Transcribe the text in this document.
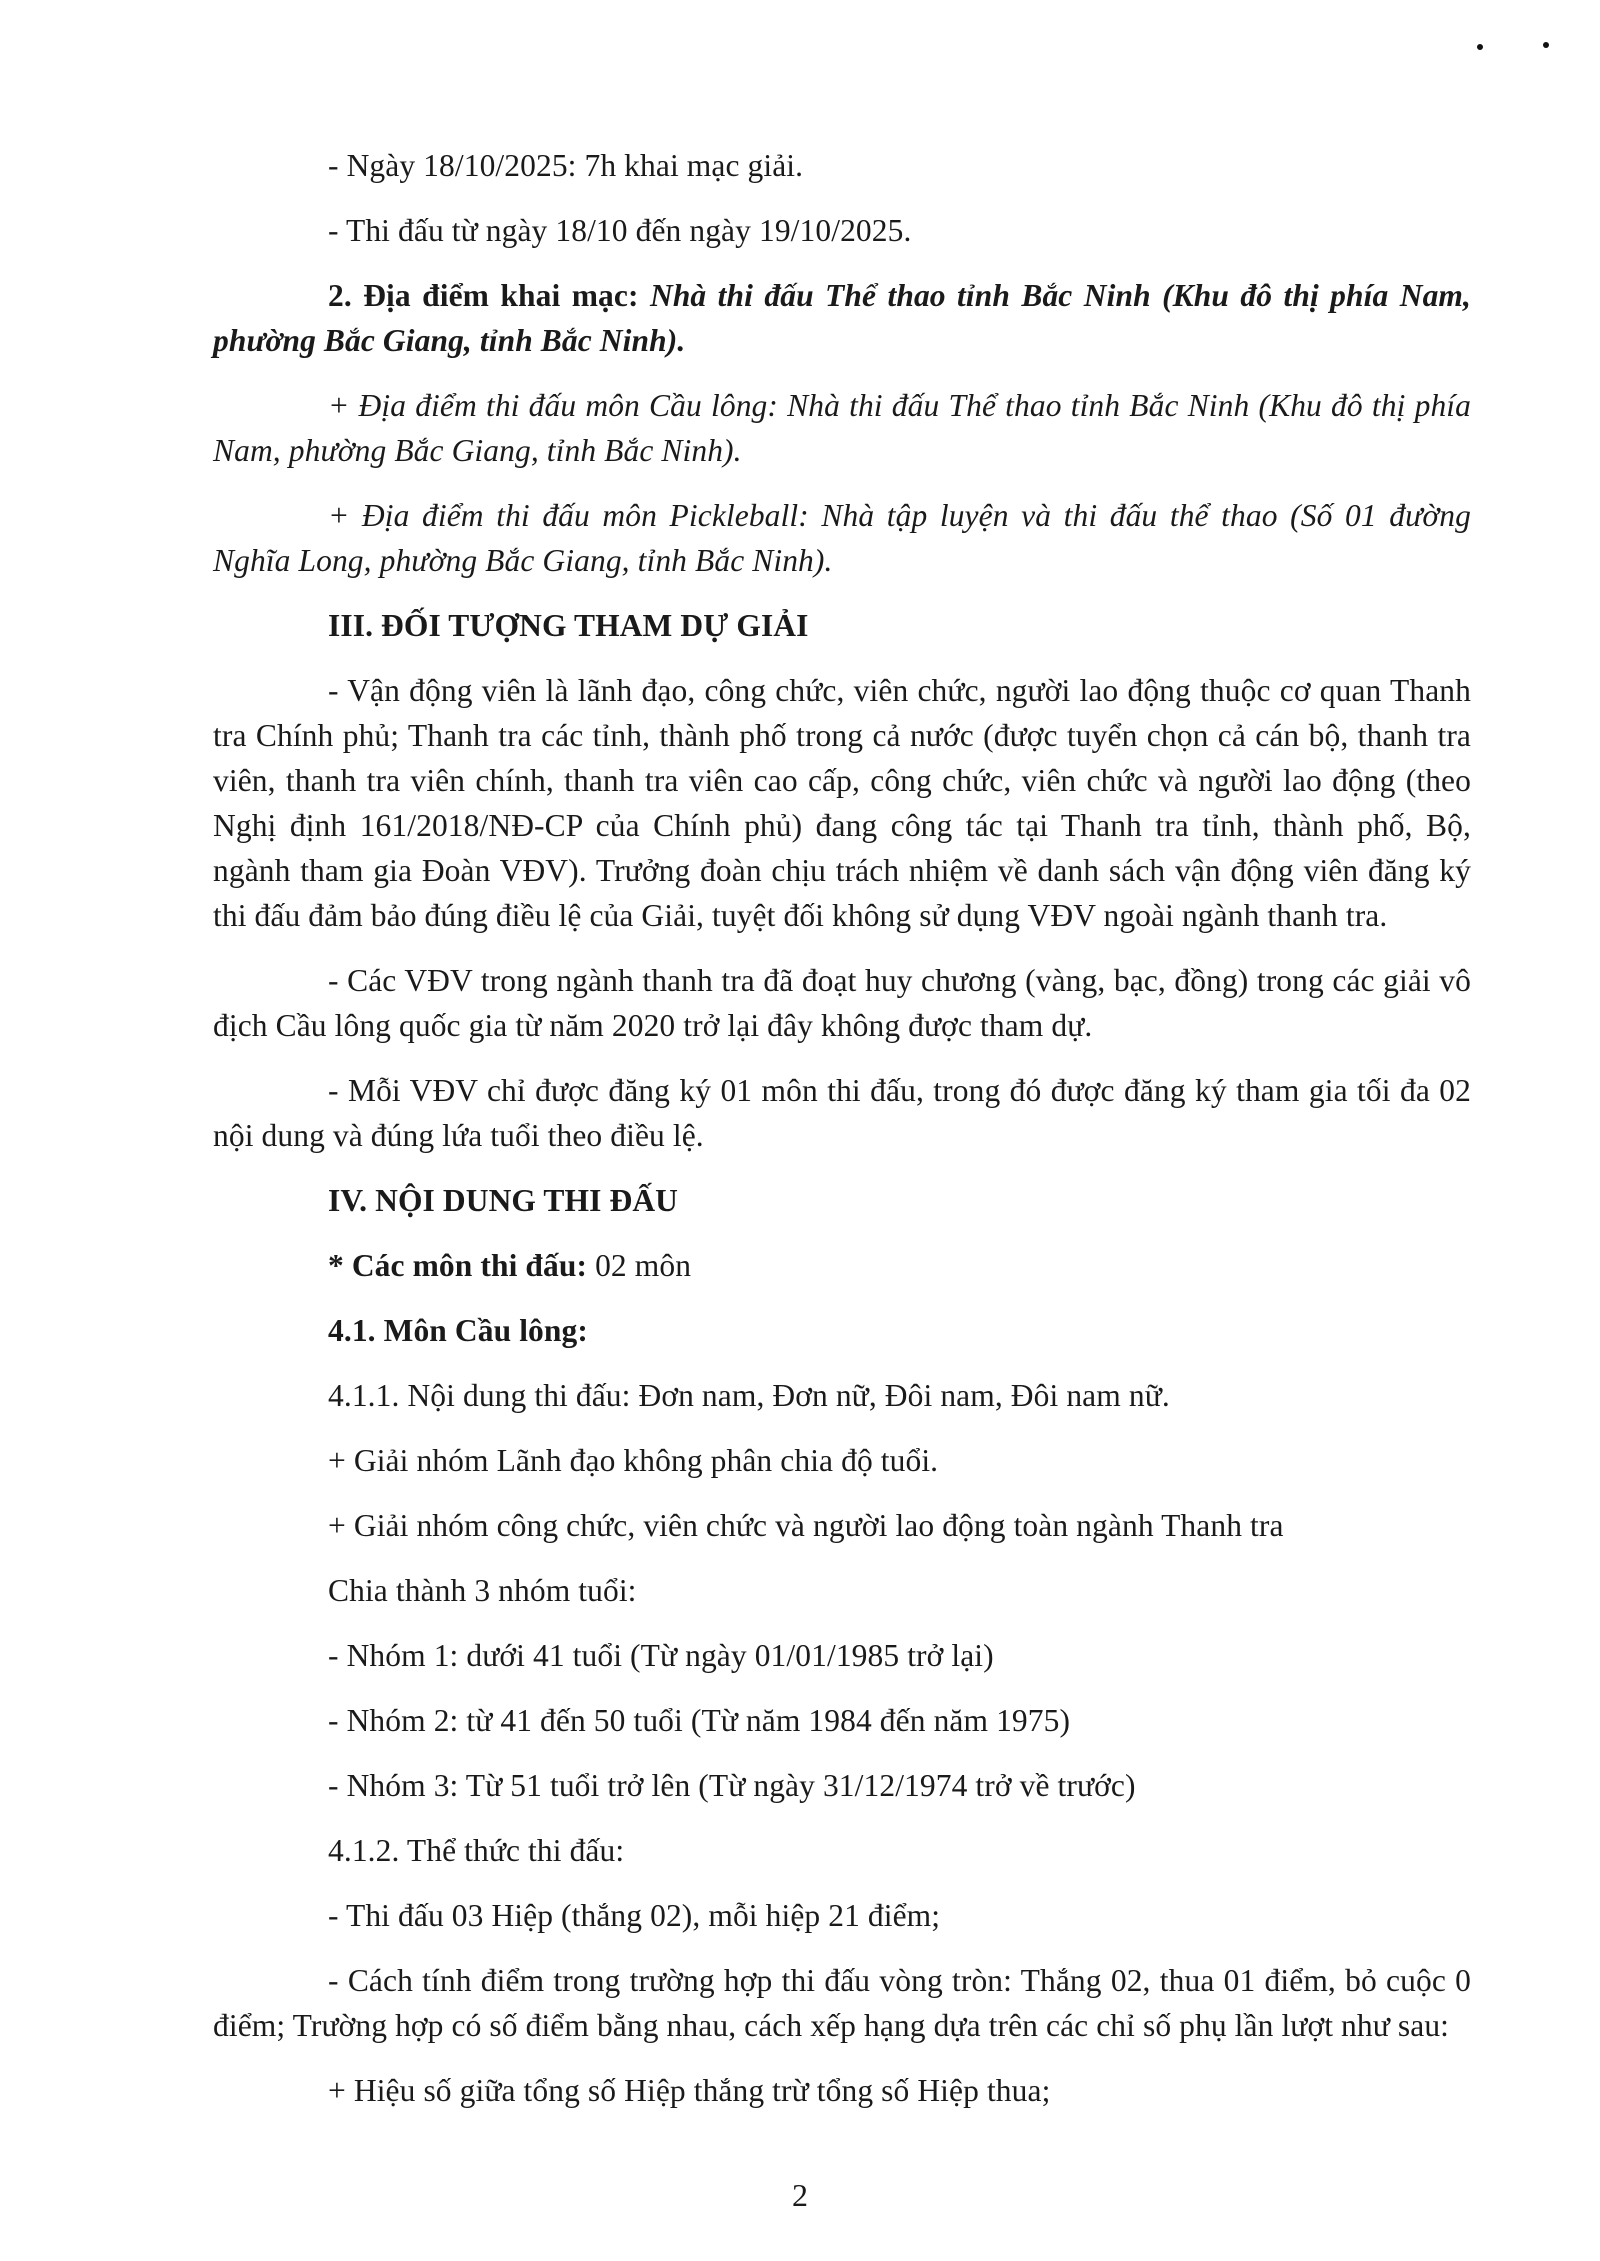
- Ngày 18/10/2025: 7h khai mạc giải.

- Thi đấu từ ngày 18/10 đến ngày 19/10/2025.

2. Địa điểm khai mạc: Nhà thi đấu Thể thao tỉnh Bắc Ninh (Khu đô thị phía Nam, phường Bắc Giang, tỉnh Bắc Ninh).

+ Địa điểm thi đấu môn Cầu lông: Nhà thi đấu Thể thao tỉnh Bắc Ninh (Khu đô thị phía Nam, phường Bắc Giang, tỉnh Bắc Ninh).

+ Địa điểm thi đấu môn Pickleball: Nhà tập luyện và thi đấu thể thao (Số 01 đường Nghĩa Long, phường Bắc Giang, tỉnh Bắc Ninh).

III. ĐỐI TƯỢNG THAM DỰ GIẢI

- Vận động viên là lãnh đạo, công chức, viên chức, người lao động thuộc cơ quan Thanh tra Chính phủ; Thanh tra các tỉnh, thành phố trong cả nước (được tuyển chọn cả cán bộ, thanh tra viên, thanh tra viên chính, thanh tra viên cao cấp, công chức, viên chức và người lao động (theo Nghị định 161/2018/NĐ-CP của Chính phủ) đang công tác tại Thanh tra tỉnh, thành phố, Bộ, ngành tham gia Đoàn VĐV). Trưởng đoàn chịu trách nhiệm về danh sách vận động viên đăng ký thi đấu đảm bảo đúng điều lệ của Giải, tuyệt đối không sử dụng VĐV ngoài ngành thanh tra.

- Các VĐV trong ngành thanh tra đã đoạt huy chương (vàng, bạc, đồng) trong các giải vô địch Cầu lông quốc gia từ năm 2020 trở lại đây không được tham dự.

- Mỗi VĐV chỉ được đăng ký 01 môn thi đấu, trong đó được đăng ký tham gia tối đa 02 nội dung và đúng lứa tuổi theo điều lệ.

IV. NỘI DUNG THI ĐẤU

* Các môn thi đấu: 02 môn

4.1. Môn Cầu lông:

4.1.1. Nội dung thi đấu: Đơn nam, Đơn nữ, Đôi nam, Đôi nam nữ.

+ Giải nhóm Lãnh đạo không phân chia độ tuổi.

+ Giải nhóm công chức, viên chức và người lao động toàn ngành Thanh tra

Chia thành 3 nhóm tuổi:

- Nhóm 1: dưới 41 tuổi (Từ ngày 01/01/1985 trở lại)

- Nhóm 2: từ 41 đến 50 tuổi (Từ năm 1984 đến năm 1975)

- Nhóm 3: Từ 51 tuổi trở lên (Từ ngày 31/12/1974 trở về trước)

4.1.2. Thể thức thi đấu:

- Thi đấu 03 Hiệp (thắng 02), mỗi hiệp 21 điểm;

- Cách tính điểm trong trường hợp thi đấu vòng tròn: Thắng 02, thua 01 điểm, bỏ cuộc 0 điểm; Trường hợp có số điểm bằng nhau, cách xếp hạng dựa trên các chỉ số phụ lần lượt như sau:

+ Hiệu số giữa tổng số Hiệp thắng trừ tổng số Hiệp thua;

2
